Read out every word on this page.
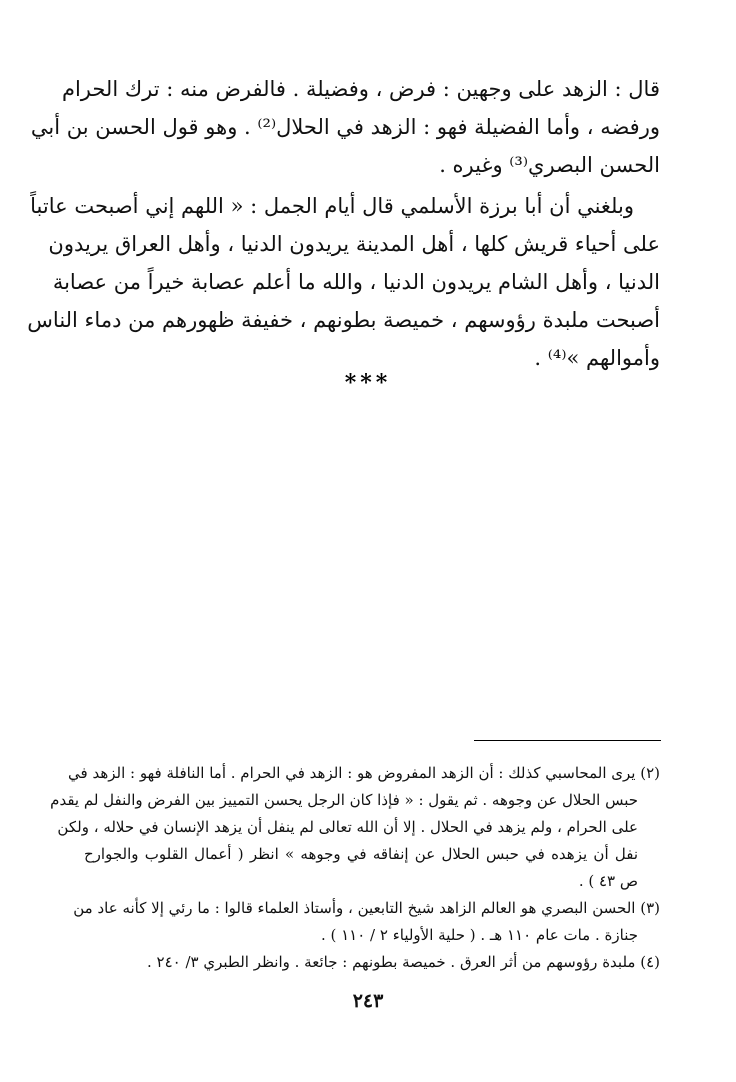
قال : الزهد على وجهين : فرض ، وفضيلة . فالفرض منه : ترك الحرام
ورفضه ، وأما الفضيلة فهو : الزهد في الحلال⁽²⁾ . وهو قول الحسن بن أبي
الحسن البصري⁽³⁾ وغيره .
وبلغني أن أبا برزة الأسلمي قال أيام الجمل : « اللهم إني أصبحت عاتباً
على أحياء قريش كلها ، أهل المدينة يريدون الدنيا ، وأهل العراق يريدون
الدنيا ، وأهل الشام يريدون الدنيا ، والله ما أعلم عصابة خيراً من عصابة
أصبحت ملبدة رؤوسهم ، خميصة بطونهم ، خفيفة ظهورهم من دماء الناس
وأموالهم »⁽⁴⁾ .
***
(٢) يرى المحاسبي كذلك : أن الزهد المفروض هو : الزهد في الحرام . أما النافلة فهو : الزهد في
حبس الحلال عن وجوهه . ثم يقول : « فإذا كان الرجل يحسن التمييز بين الفرض والنفل لم يقدم
على الحرام ، ولم يزهد في الحلال . إلا أن الله تعالى لم ينفل أن يزهد الإنسان في حلاله ، ولكن
نفل أن يزهده في حبس الحلال عن إنفاقه في وجوهه » انظر ( أعمال القلوب والجوارح
ص ٤٣ ) .
(٣) الحسن البصري هو العالم الزاهد شيخ التابعين ، وأستاذ العلماء قالوا : ما رئي إلا كأنه عاد من
جنازة . مات عام ١١٠ هـ . ( حلية الأولياء ٢ / ١١٠ ) .
(٤) ملبدة رؤوسهم من أثر العرق . خميصة بطونهم : جائعة . وانظر الطبري ٣/ ٢٤٠ .
٢٤٣
